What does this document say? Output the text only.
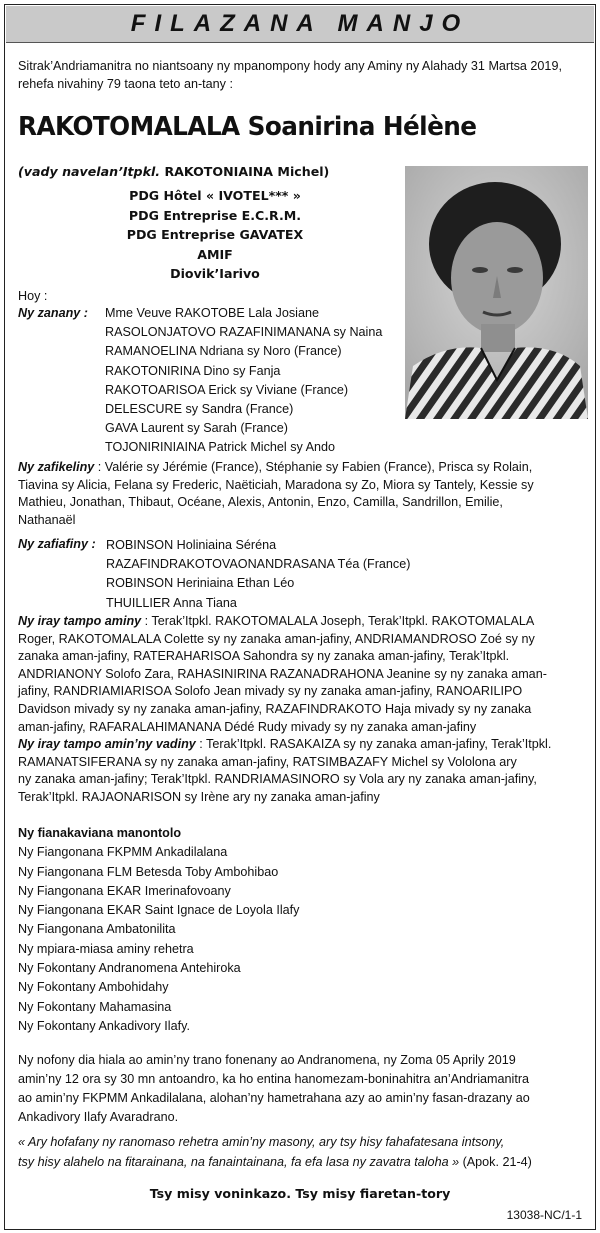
FILAZANA MANJO
Sitrak’Andriamanitra no niantsoany ny mpanompony hody any Aminy ny Alahady 31 Martsa 2019, rehefa nivahiny 79 taona teto an-tany :
RAKOTOMALALA Soanirina Hélène
(vady navelan’Itpkl. RAKOTONIAINA Michel)
PDG Hôtel « IVOTEL*** »
PDG Entreprise E.C.R.M.
PDG Entreprise GAVATEX
AMIF
Diovik’Iarivo
Hoy :
Ny zanany :	Mme Veuve RAKOTOBE Lala Josiane
RASOLONJATOVO RAZAFINIMANANA sy Naina
RAMANOELINA Ndriana sy Noro (France)
RAKOTONIRINA Dino sy Fanja
RAKOTOARISOA Erick sy Viviane (France)
DELESCURE sy Sandra (France)
GAVA Laurent sy Sarah (France)
TOJONIRINIAINA Patrick Michel sy Ando
Ny zafikeliny : Valérie sy Jérémie (France), Stéphanie sy Fabien (France), Prisca sy Rolain,
Tiavina sy Alicia, Felana sy Frederic, Naëticiah, Maradona sy Zo, Miora sy Tantely, Kessie sy
Mathieu, Jonathan, Thibaut, Océane, Alexis, Antonin, Enzo, Camilla, Sandrillon, Emilie,
Nathanaël
Ny zafiafiny : ROBINSON Holiniaina Séréna
RAZAFINDRAKOTOVAONANDRASANA Téa (France)
ROBINSON Heriniaina Ethan Léo
THUILLIER Anna Tiana
Ny iray tampo aminy : Terak’Itpkl. RAKOTOMALALA Joseph, Terak’Itpkl. RAKOTOMALALA
Roger, RAKOTOMALALA Colette sy ny zanaka aman-jafiny, ANDRIAMANDROSO Zoé sy ny
zanaka aman-jafiny, RATERAHARISOA Sahondra sy ny zanaka aman-jafiny, Terak’Itpkl.
ANDRIANONY Solofo Zara, RAHASINIRINA RAZANADRAHONA Jeanine sy ny zanaka aman-
jafiny, RANDRIAMIARISOA Solofo Jean mivady sy ny zanaka aman-jafiny, RANOARILIPO
Davidson mivady sy ny zanaka aman-jafiny, RAZAFINDRAKOTO Haja mivady sy ny zanaka
aman-jafiny, RAFARALAHIMANANA Dédé Rudy mivady sy ny zanaka aman-jafiny
Ny iray tampo amin’ny vadiny : Terak’Itpkl. RASAKAIZA sy ny zanaka aman-jafiny, Terak’Itpkl.
RAMANATSIFERANA sy ny zanaka aman-jafiny, RATSIMBAZAFY Michel sy Vololona ary
ny zanaka aman-jafiny; Terak’Itpkl. RANDRIAMASINORO sy Vola ary ny zanaka aman-jafiny,
Terak’Itpkl. RAJAONARISON sy Irène ary ny zanaka aman-jafiny
Ny fianakaviana manontolo
Ny Fiangonana FKPMM Ankadilalana
Ny Fiangonana FLM Betesda Toby Ambohibao
Ny Fiangonana EKAR Imerinafovoany
Ny Fiangonana EKAR Saint Ignace de Loyola Ilafy
Ny Fiangonana Ambatonilita
Ny mpiara-miasa aminy rehetra
Ny Fokontany Andranomena Antehiroka
Ny Fokontany Ambohidahy
Ny Fokontany Mahamasina
Ny Fokontany Ankadivory Ilafy.
Ny nofony dia hiala ao amin’ny trano fonenany ao Andranomena, ny Zoma 05 Aprily 2019
amin’ny 12 ora sy 30 mn antoandro, ka ho entina hanomezam-boninahitra an’Andriamanitra
ao amin’ny FKPMM Ankadilalana, alohan’ny hametrahana azy ao amin’ny fasan-drazany ao
Ankadivory Ilafy Avaradrano.
« Ary hofafany ny ranomaso rehetra amin’ny masony, ary tsy hisy fahafatesana intsony,
tsy hisy alahelo na fitarainana, na fanaintainana, fa efa lasa ny zavatra taloha » (Apok. 21-4)
Tsy misy voninkazo. Tsy misy fiaretan-tory
13038-NC/1-1
